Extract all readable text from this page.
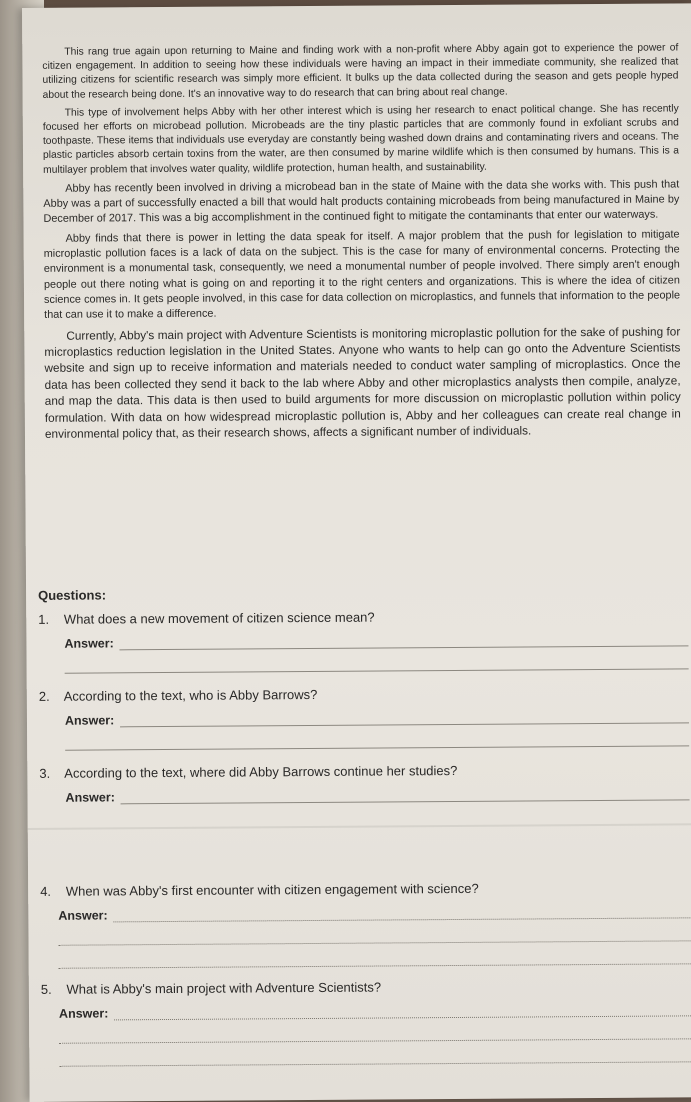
This rang true again upon returning to Maine and finding work with a non-profit where Abby again got to experience the power of citizen engagement. In addition to seeing how these individuals were having an impact in their immediate community, she realized that utilizing citizens for scientific research was simply more efficient. It bulks up the data collected during the season and gets people hyped about the research being done. It's an innovative way to do research that can bring about real change.

This type of involvement helps Abby with her other interest which is using her research to enact political change. She has recently focused her efforts on microbead pollution. Microbeads are the tiny plastic particles that are commonly found in exfoliant scrubs and toothpaste. These items that individuals use everyday are constantly being washed down drains and contaminating rivers and oceans. The plastic particles absorb certain toxins from the water, are then consumed by marine wildlife which is then consumed by humans. This is a multilayer problem that involves water quality, wildlife protection, human health, and sustainability.

Abby has recently been involved in driving a microbead ban in the state of Maine with the data she works with. This push that Abby was a part of successfully enacted a bill that would halt products containing microbeads from being manufactured in Maine by December of 2017. This was a big accomplishment in the continued fight to mitigate the contaminants that enter our waterways.

Abby finds that there is power in letting the data speak for itself. A major problem that the push for legislation to mitigate microplastic pollution faces is a lack of data on the subject. This is the case for many of environmental concerns. Protecting the environment is a monumental task, consequently, we need a monumental number of people involved. There simply aren't enough people out there noting what is going on and reporting it to the right centers and organizations. This is where the idea of citizen science comes in. It gets people involved, in this case for data collection on microplastics, and funnels that information to the people that can use it to make a difference.

Currently, Abby's main project with Adventure Scientists is monitoring microplastic pollution for the sake of pushing for microplastics reduction legislation in the United States. Anyone who wants to help can go onto the Adventure Scientists website and sign up to receive information and materials needed to conduct water sampling of microplastics. Once the data has been collected they send it back to the lab where Abby and other microplastics analysts then compile, analyze, and map the data. This data is then used to build arguments for more discussion on microplastic pollution within policy formulation. With data on how widespread microplastic pollution is, Abby and her colleagues can create real change in environmental policy that, as their research shows, affects a significant number of individuals.

Questions:
1. What does a new movement of citizen science mean?
Answer:
2. According to the text, who is Abby Barrows?
Answer:
3. According to the text, where did Abby Barrows continue her studies?
Answer:
4. When was Abby's first encounter with citizen engagement with science?
Answer:
5. What is Abby's main project with Adventure Scientists?
Answer:
